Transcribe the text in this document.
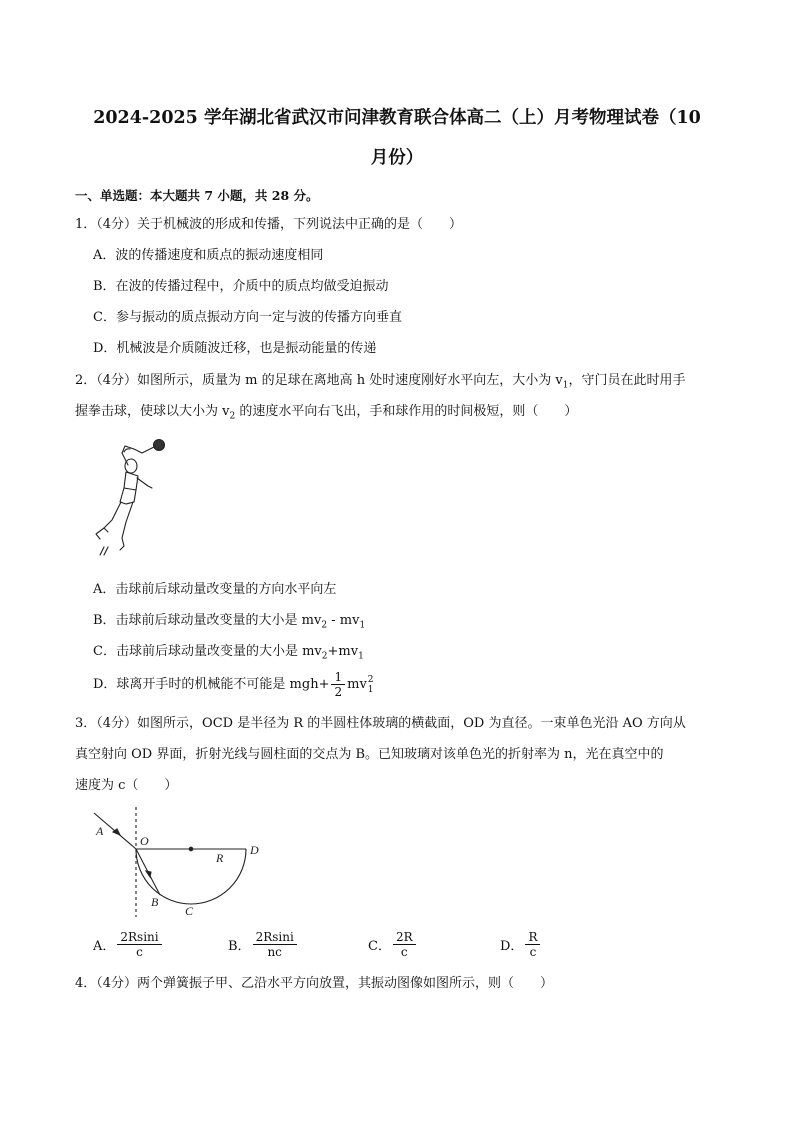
2024-2025 学年湖北省武汉市问津教育联合体高二（上）月考物理试卷（10
月份）
一、单选题：本大题共 7 小题，共 28 分。
1．（4分）关于机械波的形成和传播，下列说法中正确的是（　　）
A．波的传播速度和质点的振动速度相同
B．在波的传播过程中，介质中的质点均做受迫振动
C．参与振动的质点振动方向一定与波的传播方向垂直
D．机械波是介质随波迁移，也是振动能量的传递
2．（4分）如图所示，质量为 m 的足球在离地高 h 处时速度刚好水平向左，大小为 $v_1$，守门员在此时用手
握拳击球，使球以大小为 $v_2$ 的速度水平向右飞出，手和球作用的时间极短，则（　　）
A．击球前后球动量改变量的方向水平向左
B．击球前后球动量改变量的大小是 $mv_2 - mv_1$
C．击球前后球动量改变量的大小是 $mv_2+mv_1$
D．球离开手时的机械能不可能是 $mgh+ \frac{1}{2}$ mv 2
1
3．（4分）如图所示，OCD 是半径为 R 的半圆柱体玻璃的横截面，OD 为直径。一束单色光沿 AO 方向从
真空射向 OD 界面，折射光线与圆柱面的交点为 B。已知玻璃对该单色光的折射率为 n，光在真空中的
速度为 c（　　）
A
O
R
D
B
C
A． $\frac{2Rsini}{c}$	B． $\frac{2Rsini}{nc}$	C． $\frac{2R}{c}$	D． $\frac{R}{c}$
4．（4分）两个弹簧振子甲、乙沿水平方向放置，其振动图像如图所示，则（　　）
